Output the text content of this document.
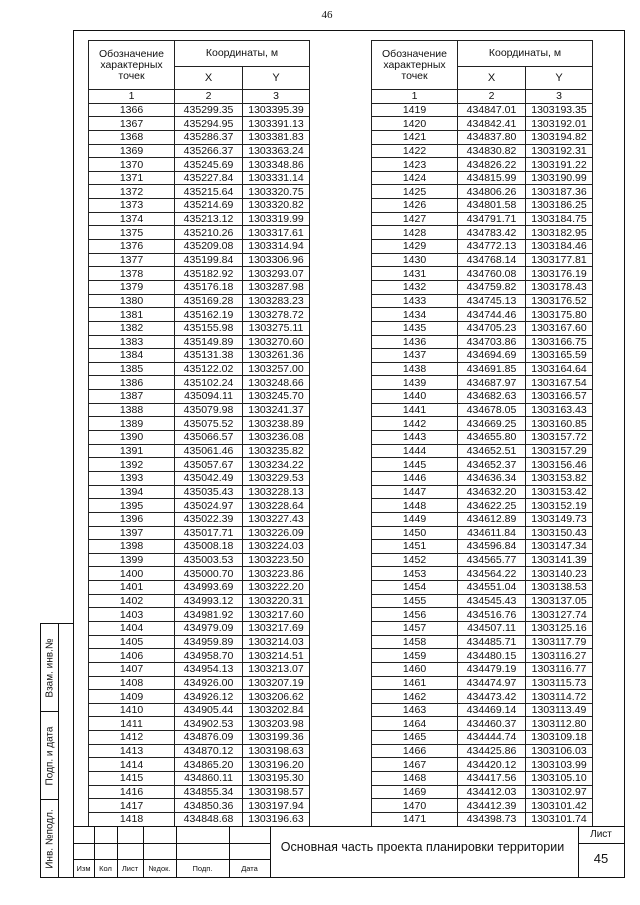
46
Обозначение характерных точек	Координаты, м	
	X	Y
1	2	3
1366	435299.35	1303395.39
1367	435294.95	1303391.13
1368	435286.37	1303381.83
1369	435266.37	1303363.24
1370	435245.69	1303348.86
1371	435227.84	1303331.14
1372	435215.64	1303320.75
1373	435214.69	1303320.82
1374	435213.12	1303319.99
1375	435210.26	1303317.61
1376	435209.08	1303314.94
1377	435199.84	1303306.96
1378	435182.92	1303293.07
1379	435176.18	1303287.98
1380	435169.28	1303283.23
1381	435162.19	1303278.72
1382	435155.98	1303275.11
1383	435149.89	1303270.60
1384	435131.38	1303261.36
1385	435122.02	1303257.00
1386	435102.24	1303248.66
1387	435094.11	1303245.70
1388	435079.98	1303241.37
1389	435075.52	1303238.89
1390	435066.57	1303236.08
1391	435061.46	1303235.82
1392	435057.67	1303234.22
1393	435042.49	1303229.53
1394	435035.43	1303228.13
1395	435024.97	1303228.64
1396	435022.39	1303227.43
1397	435017.71	1303226.09
1398	435008.18	1303224.03
1399	435003.53	1303223.50
1400	435000.70	1303223.86
1401	434993.69	1303222.20
1402	434993.12	1303220.31
1403	434981.92	1303217.60
1404	434979.09	1303217.69
1405	434959.89	1303214.03
1406	434958.70	1303214.51
1407	434954.13	1303213.07
1408	434926.00	1303207.19
1409	434926.12	1303206.62
1410	434905.44	1303202.84
1411	434902.53	1303203.98
1412	434876.09	1303199.36
1413	434870.12	1303198.63
1414	434865.20	1303196.20
1415	434860.11	1303195.30
1416	434855.34	1303198.57
1417	434850.36	1303197.94
1418	434848.68	1303196.63
Обозначение характерных точек	Координаты, м	
	X	Y
1	2	3
1419	434847.01	1303193.35
1420	434842.41	1303192.01
1421	434837.80	1303194.82
1422	434830.82	1303192.31
1423	434826.22	1303191.22
1424	434815.99	1303190.99
1425	434806.26	1303187.36
1426	434801.58	1303186.25
1427	434791.71	1303184.75
1428	434783.42	1303182.95
1429	434772.13	1303184.46
1430	434768.14	1303177.81
1431	434760.08	1303176.19
1432	434759.82	1303178.43
1433	434745.13	1303176.52
1434	434744.46	1303175.80
1435	434705.23	1303167.60
1436	434703.86	1303166.75
1437	434694.69	1303165.59
1438	434691.85	1303164.64
1439	434687.97	1303167.54
1440	434682.63	1303166.57
1441	434678.05	1303163.43
1442	434669.25	1303160.85
1443	434655.80	1303157.72
1444	434652.51	1303157.29
1445	434652.37	1303156.46
1446	434636.34	1303153.82
1447	434632.20	1303153.42
1448	434622.25	1303152.19
1449	434612.89	1303149.73
1450	434611.84	1303150.43
1451	434596.84	1303147.34
1452	434565.77	1303141.39
1453	434564.22	1303140.23
1454	434551.04	1303138.53
1455	434545.43	1303137.05
1456	434516.76	1303127.74
1457	434507.11	1303125.16
1458	434485.71	1303117.79
1459	434480.15	1303116.27
1460	434479.19	1303116.77
1461	434474.97	1303115.73
1462	434473.42	1303114.72
1463	434469.14	1303113.49
1464	434460.37	1303112.80
1465	434444.74	1303109.18
1466	434425.86	1303106.03
1467	434420.12	1303103.99
1468	434417.56	1303105.10
1469	434412.03	1303102.97
1470	434412.39	1303101.42
1471	434398.73	1303101.74
Взам. инв.№
Подп. и дата
Инв. №подл.
Изм	Кол	Лист	№док.	Подп.	Дата
Основная часть проекта планировки территории
Лист
45
